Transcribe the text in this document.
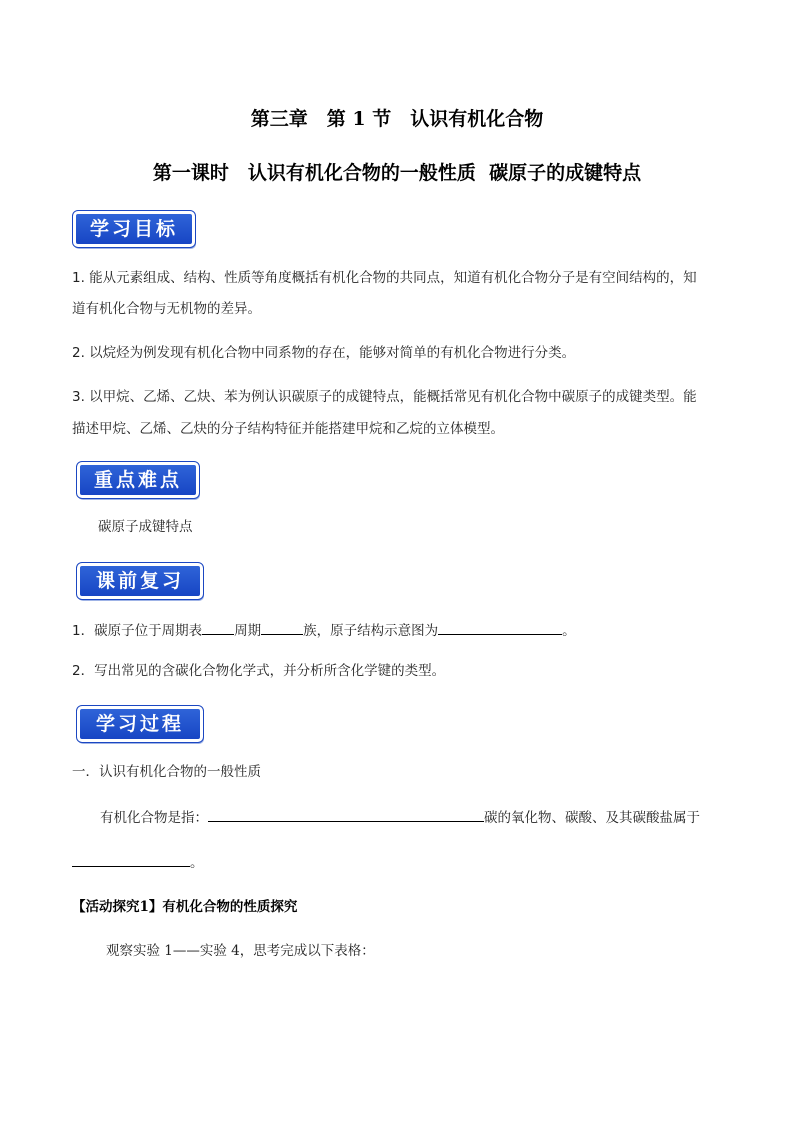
第三章　第 1 节　认识有机化合物
第一课时　认识有机化合物的一般性质  碳原子的成键特点
学习目标

1. 能从元素组成、结构、性质等角度概括有机化合物的共同点，知道有机化合物分子是有空间结构的，知

道有机化合物与无机物的差异。

2. 以烷烃为例发现有机化合物中同系物的存在，能够对简单的有机化合物进行分类。

3. 以甲烷、乙烯、乙炔、苯为例认识碳原子的成键特点，能概括常见有机化合物中碳原子的成键类型。能

描述甲烷、乙烯、乙炔的分子结构特征并能搭建甲烷和乙烷的立体模型。

重点难点

碳原子成键特点

课前复习

1．碳原子位于周期表 周期	族，原子结构示意图为	。

2．写出常见的含碳化合物化学式，并分析所含化学键的类型。

学习过程

一．认识有机化合物的一般性质

有机化合物是指：	碳的氧化物、碳酸、及其碳酸盐属于

。

【活动探究1】有机化合物的性质探究

观察实验 1——实验 4，思考完成以下表格：
